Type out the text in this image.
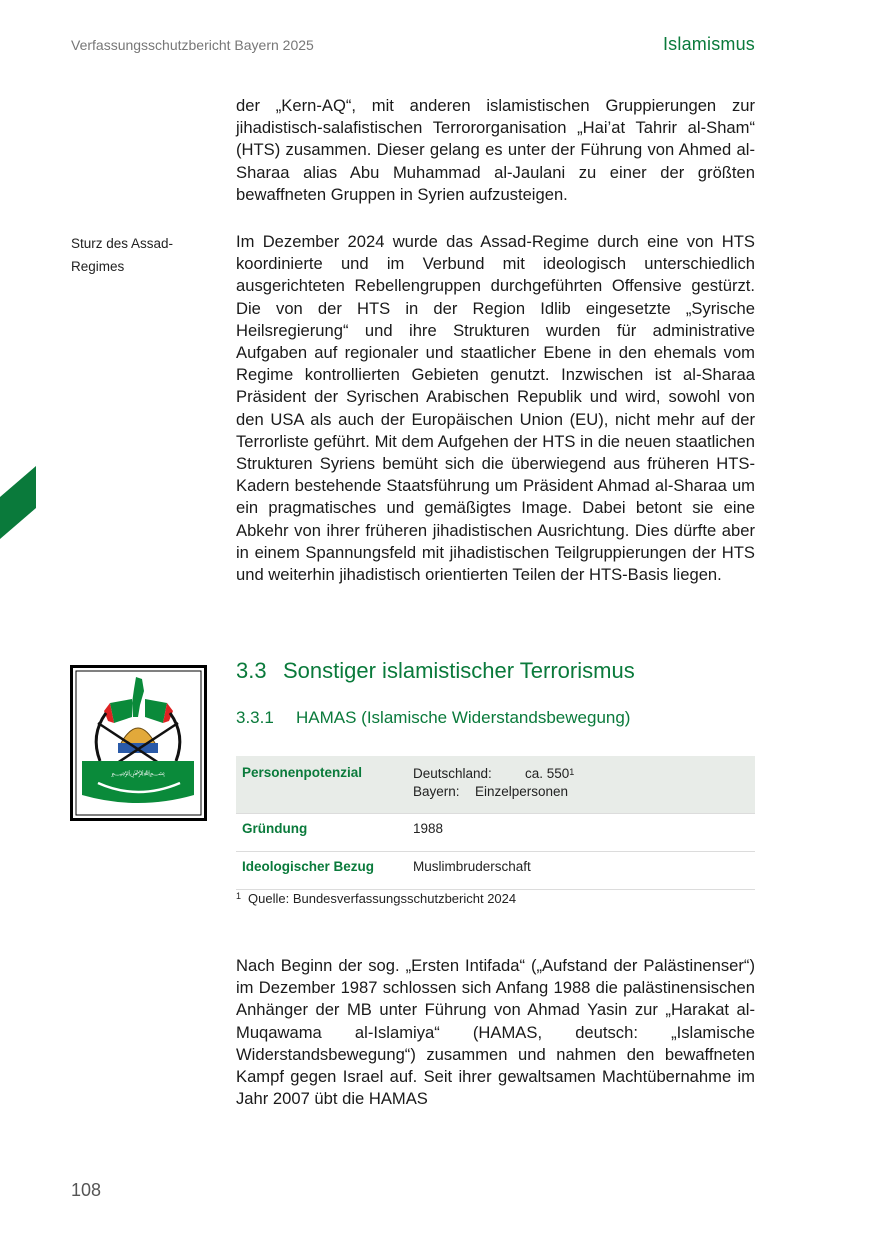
Verfassungsschutzbericht Bayern 2025	Islamismus

der „Kern-AQ“, mit anderen islamistischen Gruppierungen zur jihadistisch-salafistischen Terrororganisation „Hai’at Tahrir al-Sham“ (HTS) zusammen. Dieser gelang es unter der Führung von Ahmed al-Sharaa alias Abu Muhammad al-Jaulani zu einer der größten bewaffneten Gruppen in Syrien aufzusteigen.

Sturz des Assad-
Regimes

Im Dezember 2024 wurde das Assad-Regime durch eine von HTS koordinierte und im Verbund mit ideologisch unterschiedlich ausgerichteten Rebellengruppen durchgeführten Offensive gestürzt. Die von der HTS in der Region Idlib eingesetzte „Syrische Heilsregierung“ und ihre Strukturen wurden für administrative Aufgaben auf regionaler und staatlicher Ebene in den ehemals vom Regime kontrollierten Gebieten genutzt. Inzwischen ist al-Sharaa Präsident der Syrischen Arabischen Republik und wird, sowohl von den USA als auch der Europäischen Union (EU), nicht mehr auf der Terrorliste geführt. Mit dem Aufgehen der HTS in die neuen staatlichen Strukturen Syriens bemüht sich die überwiegend aus früheren HTS-Kadern bestehende Staatsführung um Präsident Ahmad al-Sharaa um ein pragmatisches und gemäßigtes Image. Dabei betont sie eine Abkehr von ihrer früheren jihadistischen Ausrichtung. Dies dürfte aber in einem Spannungsfeld mit jihadistischen Teilgruppierungen der HTS und weiterhin jihadistisch orientierten Teilen der HTS-Basis liegen.

﷽
3.3 Sonstiger islamistischer Terrorismus
3.3.1 HAMAS (Islamische Widerstandsbewegung)
Personenpotenzial	Deutschland: ca. $550^1$
Bayern: Einzelpersonen

Gründung	1988
Ideologischer Bezug	Muslimbruderschaft
$^1$ Quelle: Bundesverfassungsschutzbericht 2024

Nach Beginn der sog. „Ersten Intifada“ („Aufstand der Palästinenser“) im Dezember 1987 schlossen sich Anfang 1988 die palästinensischen Anhänger der MB unter Führung von Ahmad Yasin zur „Harakat al-Muqawama al-Islamiya“ (HAMAS, deutsch: „Islamische Widerstandsbewegung“) zusammen und nahmen den bewaffneten Kampf gegen Israel auf. Seit ihrer gewaltsamen Machtübernahme im Jahr 2007 übt die HAMAS

108
